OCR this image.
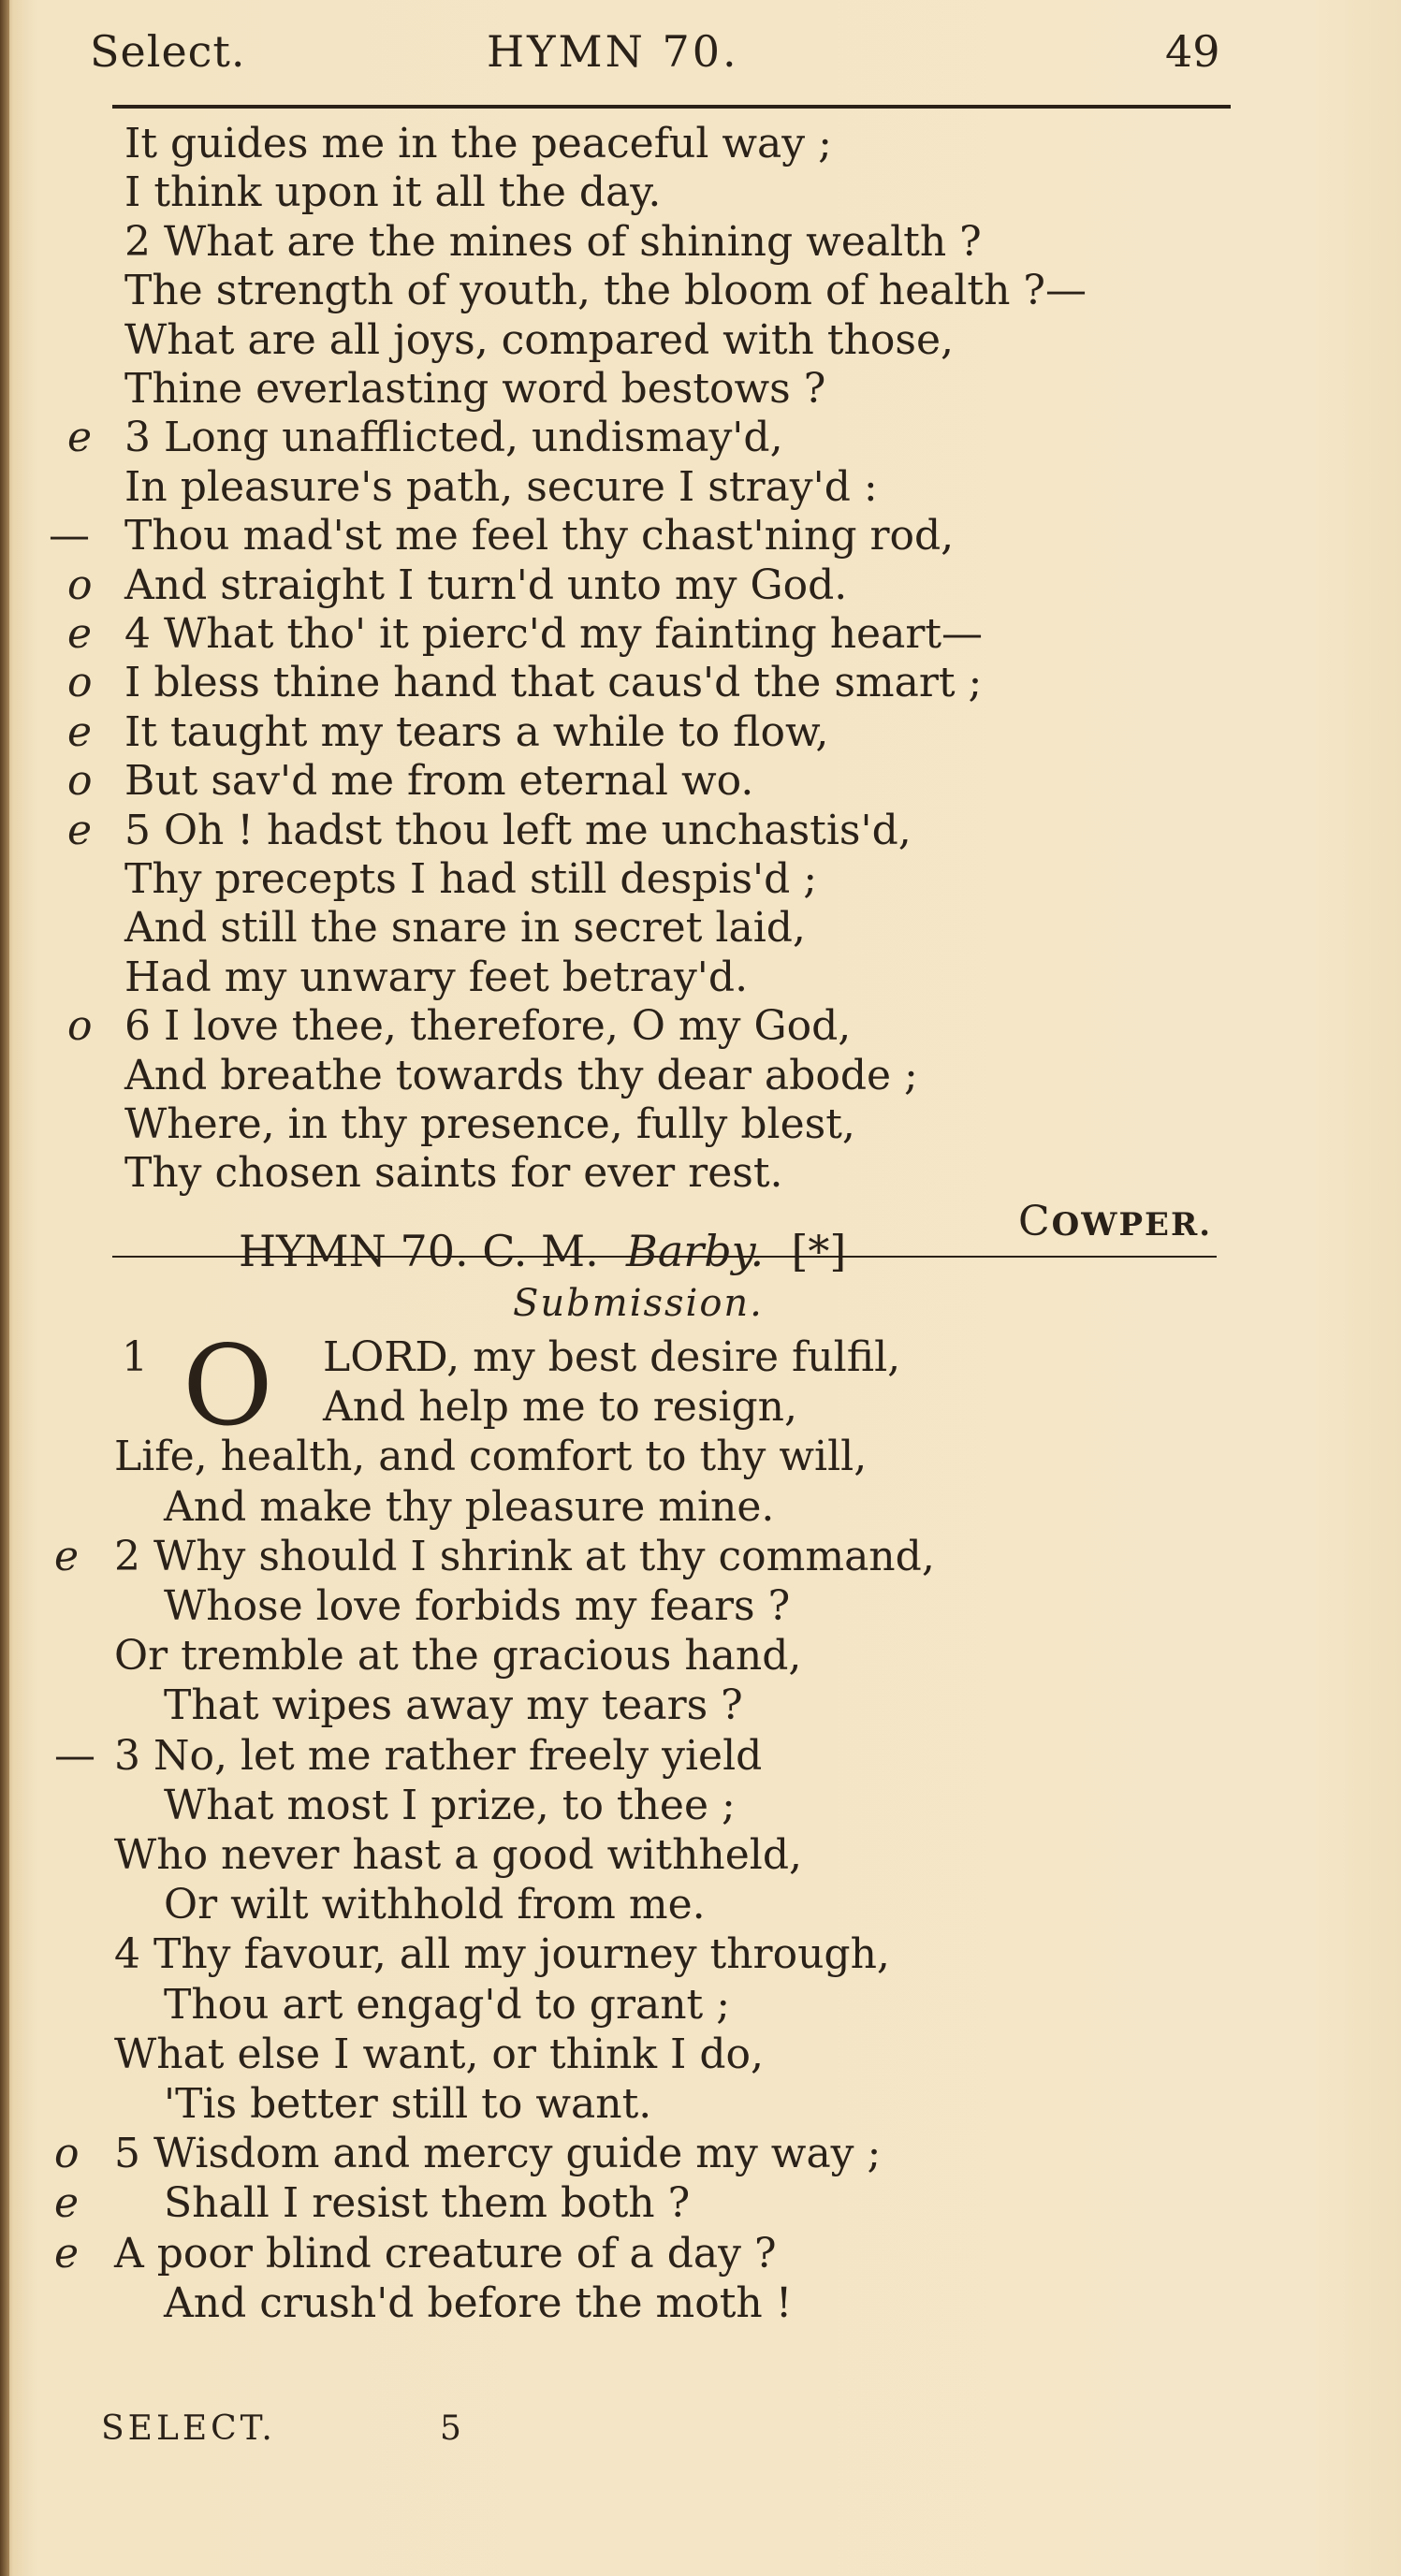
Select.	HYMN 70.	49
It guides me in the peaceful way ;
I think upon it all the day.
2 What are the mines of shining wealth ?
The strength of youth, the bloom of health ?—
What are all joys, compared with those,
Thine everlasting word bestows ?
e 3 Long unafflicted, undismay'd,
In pleasure's path, secure I stray'd :
— Thou mad'st me feel thy chast'ning rod,
o And straight I turn'd unto my God.
e 4 What tho' it pierc'd my fainting heart—
o I bless thine hand that caus'd the smart ;
e It taught my tears a while to flow,
o But sav'd me from eternal wo.
e 5 Oh ! hadst thou left me unchastis'd,
Thy precepts I had still despis'd ;
And still the snare in secret laid,
Had my unwary feet betray'd.
o 6 I love thee, therefore, O my God,
And breathe towards thy dear abode ;
Where, in thy presence, fully blest,
Thy chosen saints for ever rest.
COWPER.
HYMN 70. C. M. Barby. [*]
Submission.
1 O LORD, my best desire fulfil,
And help me to resign,
Life, health, and comfort to thy will,
And make thy pleasure mine.
e 2 Why should I shrink at thy command,
Whose love forbids my fears ?
Or tremble at the gracious hand,
That wipes away my tears ?
— 3 No, let me rather freely yield
What most I prize, to thee ;
Who never hast a good withheld,
Or wilt withhold from me.
4 Thy favour, all my journey through,
Thou art engag'd to grant ;
What else I want, or think I do,
'Tis better still to want.
o 5 Wisdom and mercy guide my way ;
e	Shall I resist them both ?
e A poor blind creature of a day ?
And crush'd before the moth !
SELECT.	5
